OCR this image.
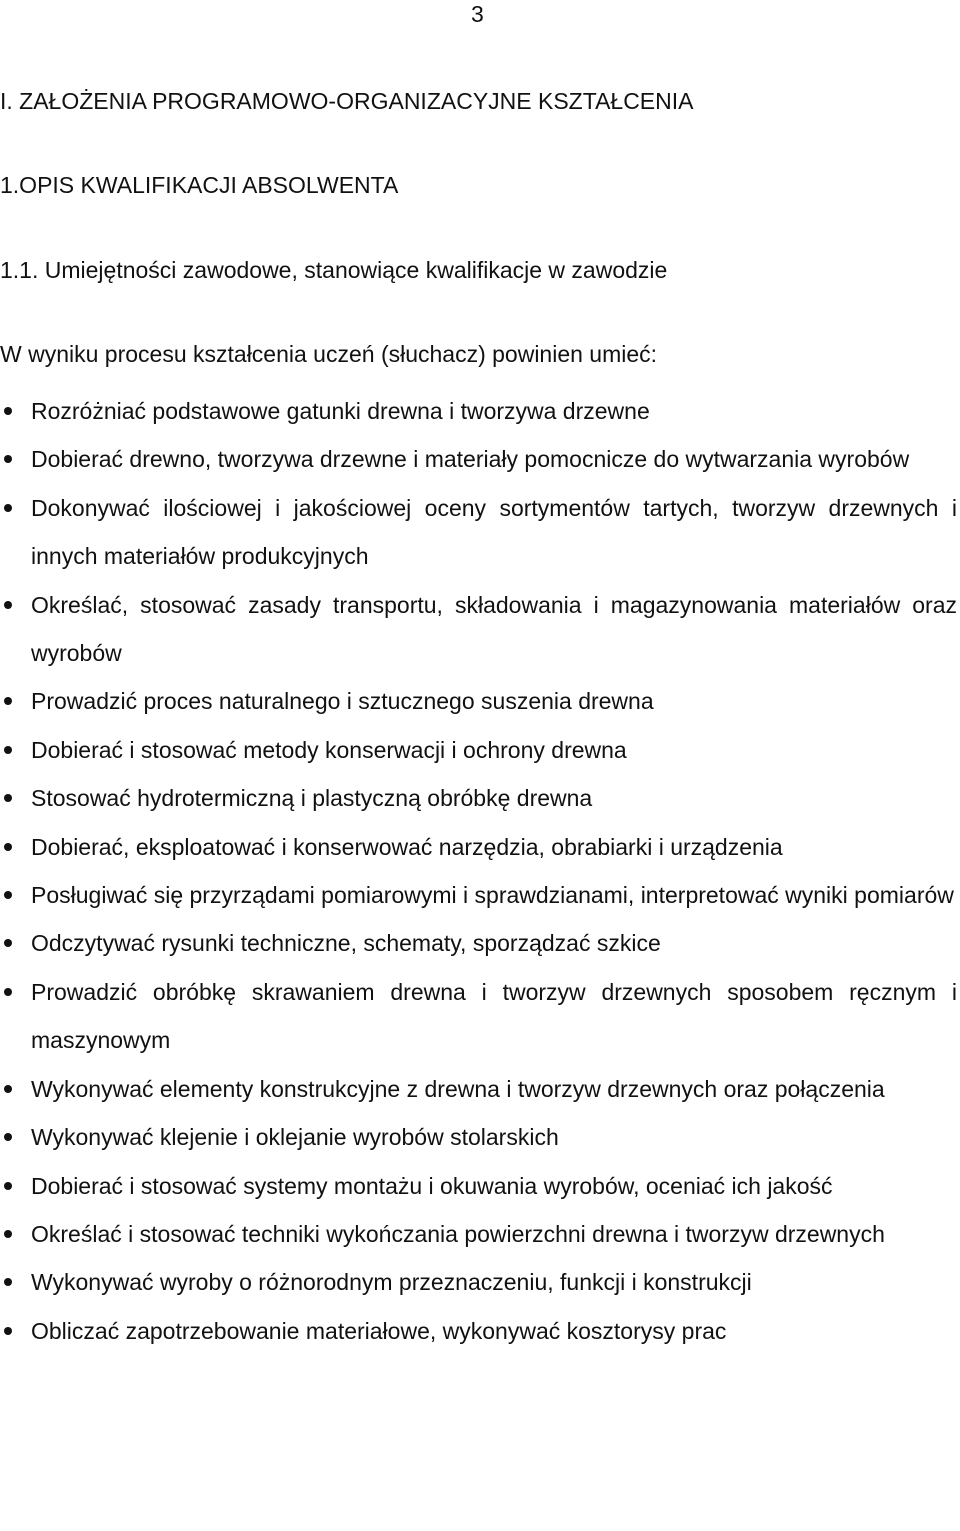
3
I. ZAŁOŻENIA PROGRAMOWO-ORGANIZACYJNE KSZTAŁCENIA
1.OPIS KWALIFIKACJI ABSOLWENTA
1.1. Umiejętności zawodowe, stanowiące kwalifikacje w zawodzie

W wyniku procesu kształcenia uczeń (słuchacz) powinien umieć:

Rozróżniać podstawowe gatunki drewna i tworzywa drzewne
Dobierać drewno, tworzywa drzewne i materiały pomocnicze do wytwarzania wyrobów
Dokonywać ilościowej i jakościowej oceny sortymentów tartych, tworzyw drzewnych i innych materiałów produkcyjnych
Określać, stosować zasady transportu, składowania i magazynowania materiałów oraz wyrobów
Prowadzić proces naturalnego i sztucznego suszenia drewna
Dobierać i stosować metody konserwacji i ochrony drewna
Stosować hydrotermiczną i plastyczną obróbkę drewna
Dobierać, eksploatować i konserwować narzędzia, obrabiarki i urządzenia
Posługiwać się przyrządami pomiarowymi i sprawdzianami, interpretować wyniki pomiarów
Odczytywać rysunki techniczne, schematy, sporządzać szkice
Prowadzić obróbkę skrawaniem drewna i tworzyw drzewnych sposobem ręcznym i maszynowym
Wykonywać elementy konstrukcyjne z drewna i tworzyw drzewnych oraz połączenia
Wykonywać klejenie i oklejanie wyrobów stolarskich
Dobierać i stosować systemy montażu i okuwania wyrobów, oceniać ich jakość
Określać i stosować techniki wykończania powierzchni drewna i tworzyw drzewnych
Wykonywać wyroby o różnorodnym przeznaczeniu, funkcji i konstrukcji
Obliczać zapotrzebowanie materiałowe, wykonywać kosztorysy prac
